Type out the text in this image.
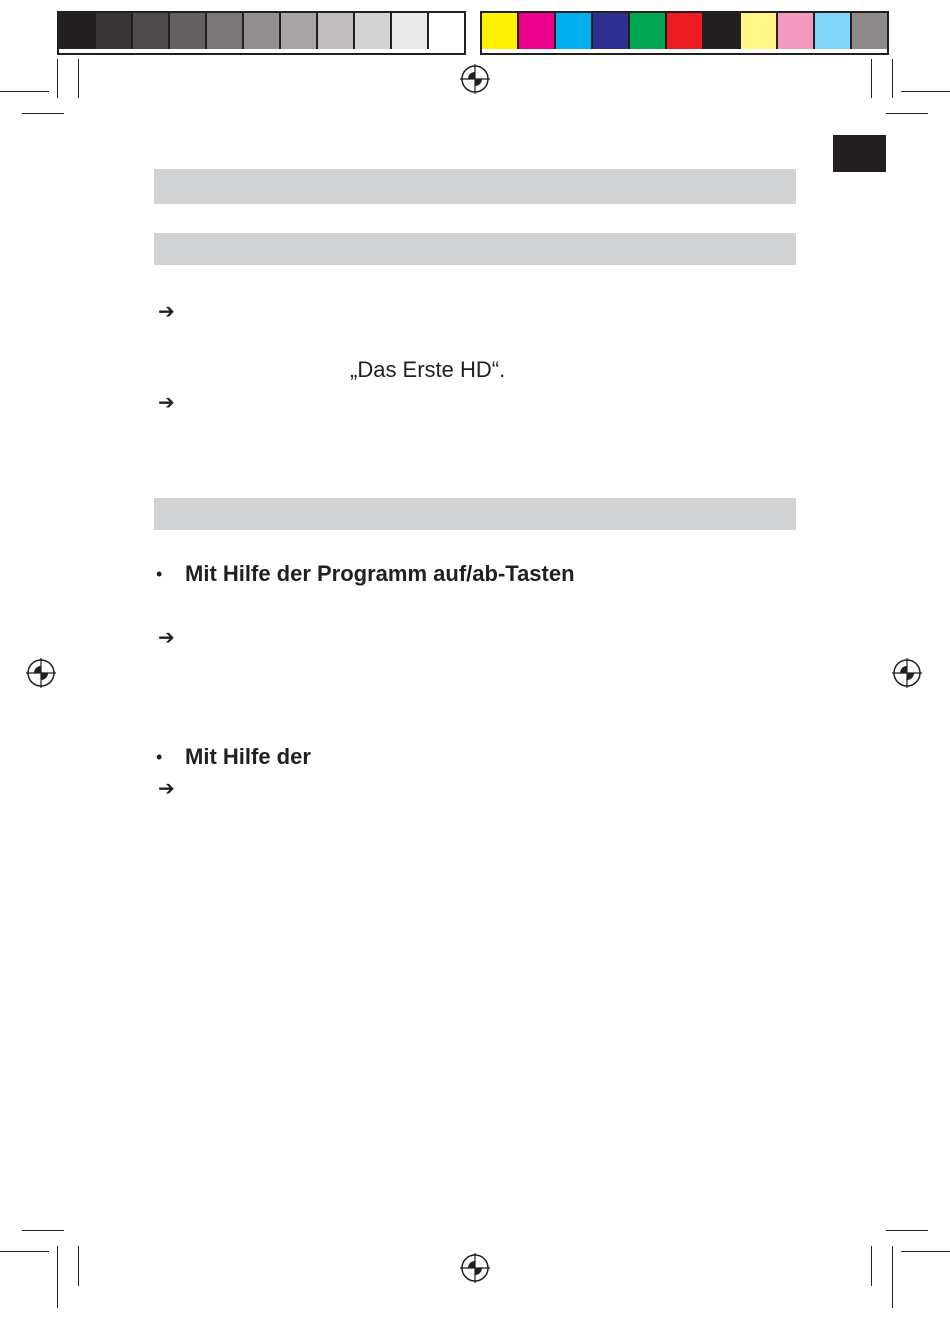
➔
„Das Erste HD“.
➔
• Mit Hilfe der Programm auf/ab-Tasten
➔
• Mit Hilfe der
➔
